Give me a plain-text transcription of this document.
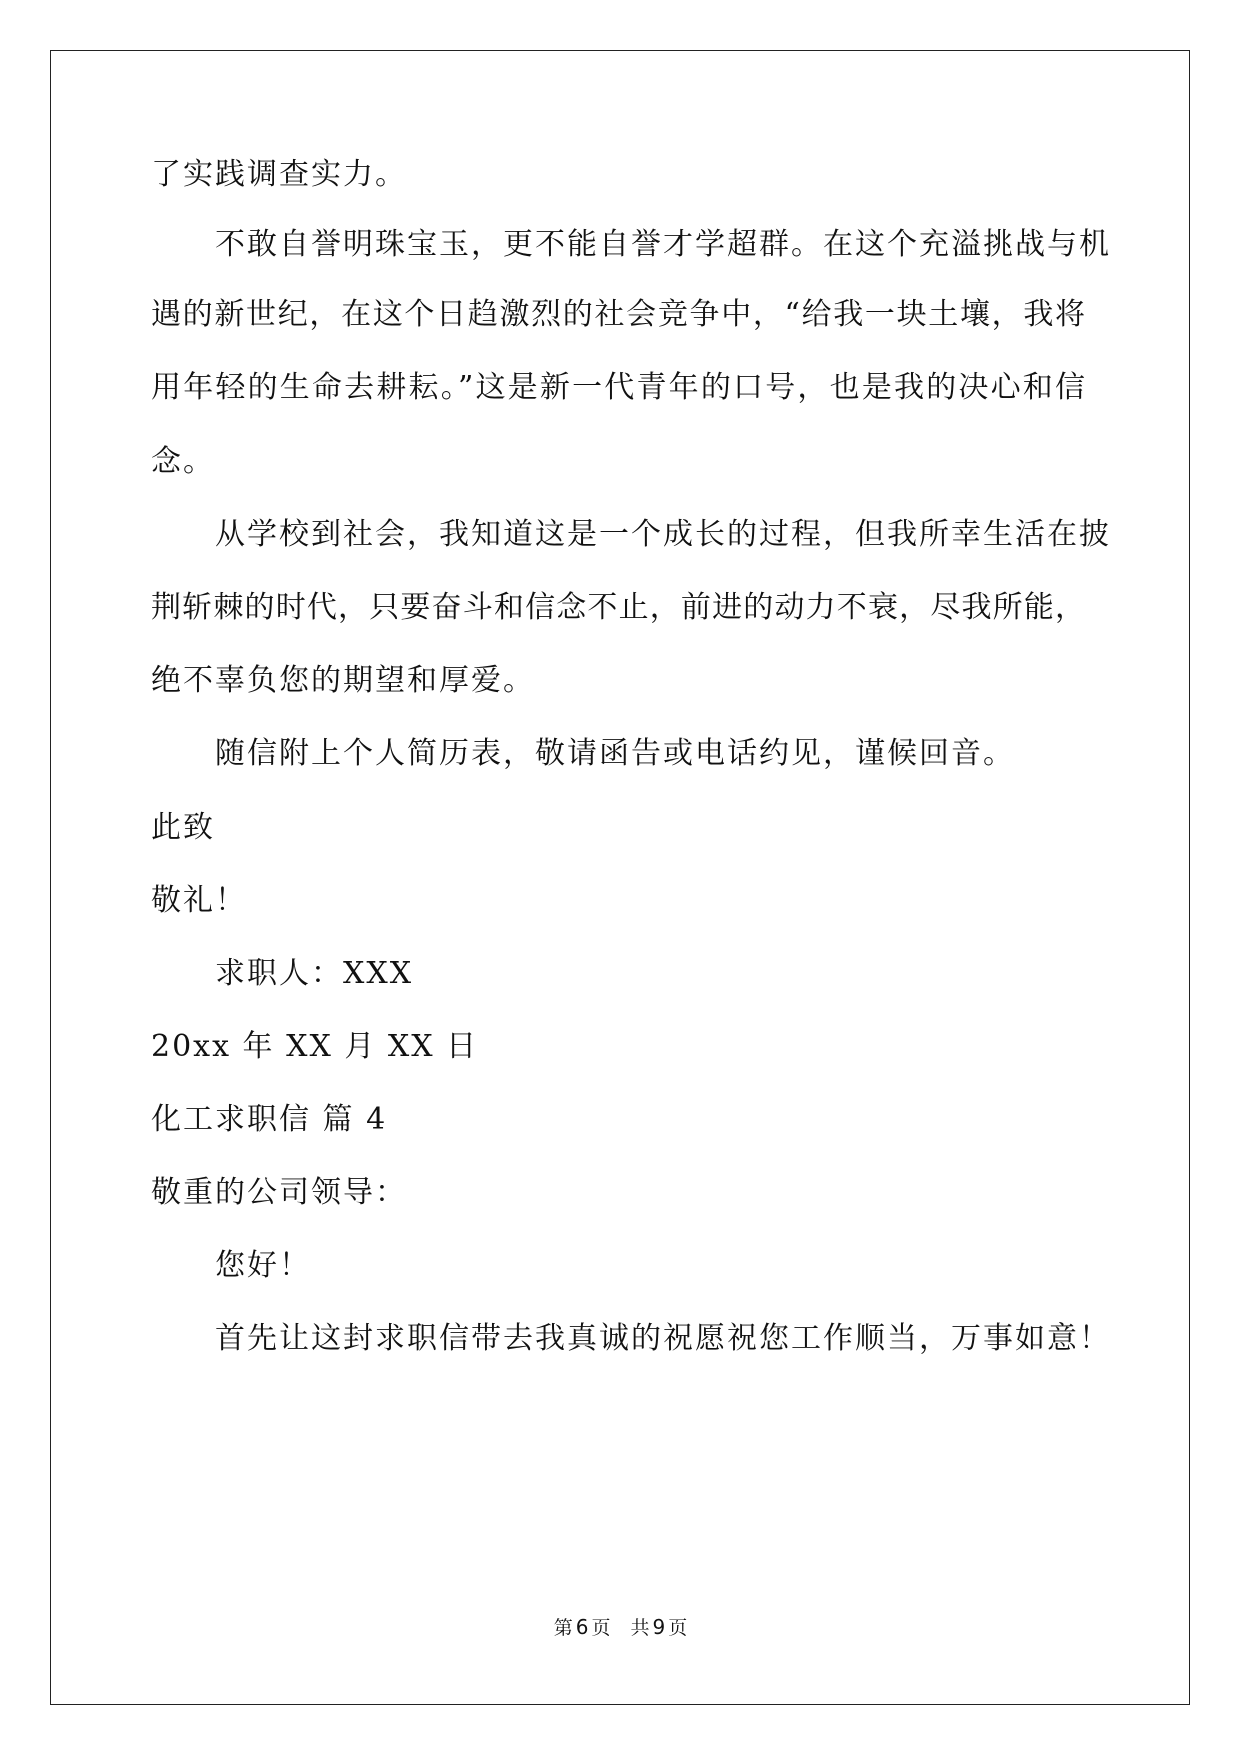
了实践调查实力。
不敢自誉明珠宝玉，更不能自誉才学超群。在这个充溢挑战与机
遇的新世纪，在这个日趋激烈的社会竞争中，“给我一块土壤，我将
用年轻的生命去耕耘。”这是新一代青年的口号，也是我的决心和信
念。
从学校到社会，我知道这是一个成长的过程，但我所幸生活在披
荆斩棘的时代，只要奋斗和信念不止，前进的动力不衰，尽我所能，
绝不辜负您的期望和厚爱。
随信附上个人简历表，敬请函告或电话约见，谨候回音。
此致
敬礼！
求职人：XXX
20xx 年 XX 月 XX 日
化工求职信 篇 4
敬重的公司领导：
您好！
首先让这封求职信带去我真诚的祝愿祝您工作顺当，万事如意！
第 6 页 共 9 页
